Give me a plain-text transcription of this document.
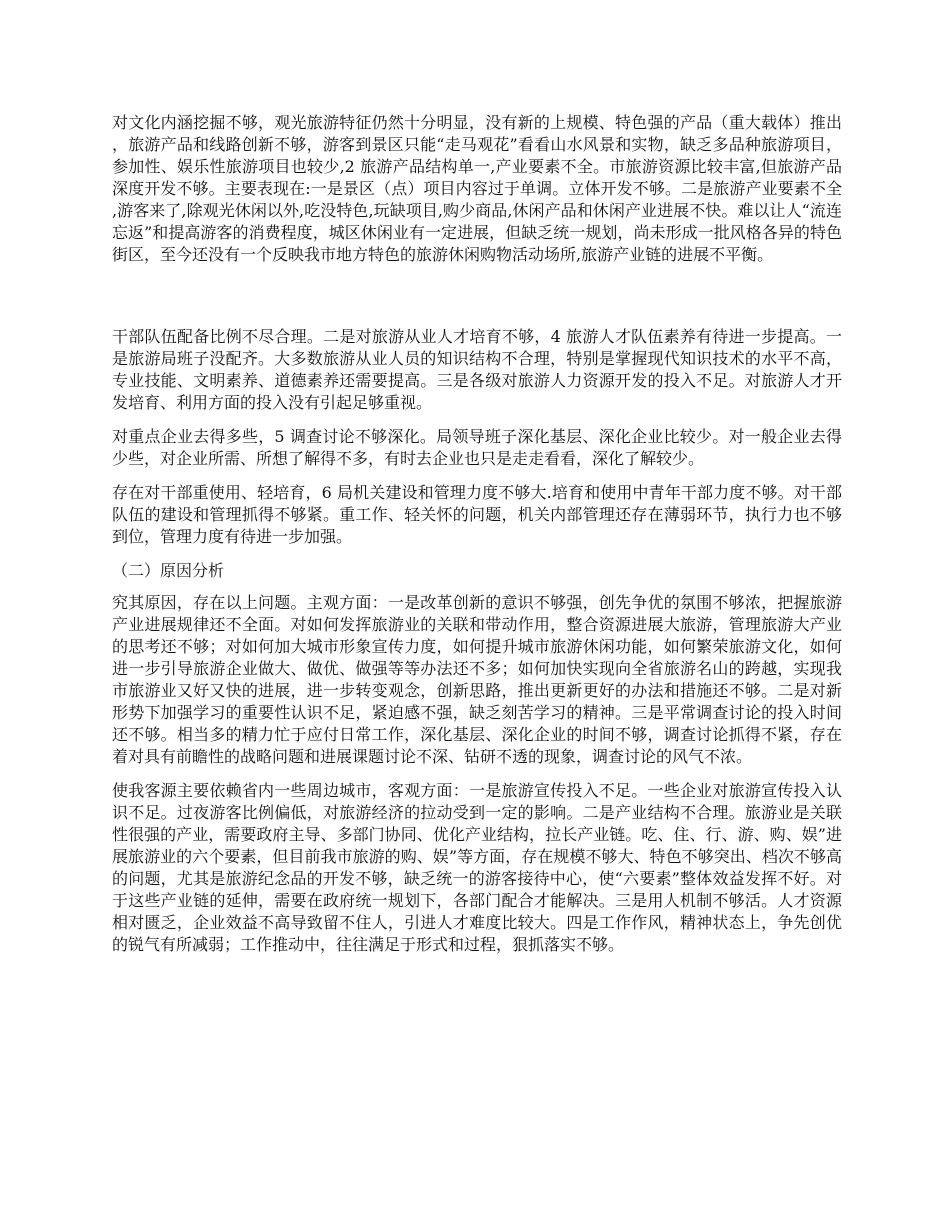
对文化内涵挖掘不够，观光旅游特征仍然十分明显，没有新的上规模、特色强的产品（重大载体）推出，旅游产品和线路创新不够，游客到景区只能“走马观花”看看山水风景和实物，缺乏多品种旅游项目，参加性、娱乐性旅游项目也较少,2 旅游产品结构单一,产业要素不全。市旅游资源比较丰富,但旅游产品深度开发不够。主要表现在:一是景区（点）项目内容过于单调。立体开发不够。二是旅游产业要素不全,游客来了,除观光休闲以外,吃没特色,玩缺项目,购少商品,休闲产品和休闲产业进展不快。难以让人“流连忘返”和提高游客的消费程度，城区休闲业有一定进展，但缺乏统一规划，尚未形成一批风格各异的特色街区，至今还没有一个反映我市地方特色的旅游休闲购物活动场所,旅游产业链的进展不平衡。

干部队伍配备比例不尽合理。二是对旅游从业人才培育不够，4 旅游人才队伍素养有待进一步提高。一是旅游局班子没配齐。大多数旅游从业人员的知识结构不合理，特别是掌握现代知识技术的水平不高，专业技能、文明素养、道德素养还需要提高。三是各级对旅游人力资源开发的投入不足。对旅游人才开发培育、利用方面的投入没有引起足够重视。

对重点企业去得多些，5 调查讨论不够深化。局领导班子深化基层、深化企业比较少。对一般企业去得少些，对企业所需、所想了解得不多，有时去企业也只是走走看看，深化了解较少。

存在对干部重使用、轻培育，6 局机关建设和管理力度不够大.培育和使用中青年干部力度不够。对干部队伍的建设和管理抓得不够紧。重工作、轻关怀的问题，机关内部管理还存在薄弱环节，执行力也不够到位，管理力度有待进一步加强。

（二）原因分析

究其原因，存在以上问题。主观方面：一是改革创新的意识不够强，创先争优的氛围不够浓，把握旅游产业进展规律还不全面。对如何发挥旅游业的关联和带动作用，整合资源进展大旅游，管理旅游大产业的思考还不够；对如何加大城市形象宣传力度，如何提升城市旅游休闲功能，如何繁荣旅游文化，如何进一步引导旅游企业做大、做优、做强等等办法还不多；如何加快实现向全省旅游名山的跨越，实现我市旅游业又好又快的进展，进一步转变观念，创新思路，推出更新更好的办法和措施还不够。二是对新形势下加强学习的重要性认识不足，紧迫感不强，缺乏刻苦学习的精神。三是平常调查讨论的投入时间还不够。相当多的精力忙于应付日常工作，深化基层、深化企业的时间不够，调查讨论抓得不紧，存在着对具有前瞻性的战略问题和进展课题讨论不深、钻研不透的现象，调查讨论的风气不浓。

使我客源主要依赖省内一些周边城市，客观方面：一是旅游宣传投入不足。一些企业对旅游宣传投入认识不足。过夜游客比例偏低，对旅游经济的拉动受到一定的影响。二是产业结构不合理。旅游业是关联性很强的产业，需要政府主导、多部门协同、优化产业结构，拉长产业链。吃、住、行、游、购、娱”进展旅游业的六个要素，但目前我市旅游的购、娱”等方面，存在规模不够大、特色不够突出、档次不够高的问题，尤其是旅游纪念品的开发不够，缺乏统一的游客接待中心，使“六要素”整体效益发挥不好。对于这些产业链的延伸，需要在政府统一规划下，各部门配合才能解决。三是用人机制不够活。人才资源相对匮乏，企业效益不高导致留不住人，引进人才难度比较大。四是工作作风，精神状态上，争先创优的锐气有所减弱；工作推动中，往往满足于形式和过程，狠抓落实不够。
